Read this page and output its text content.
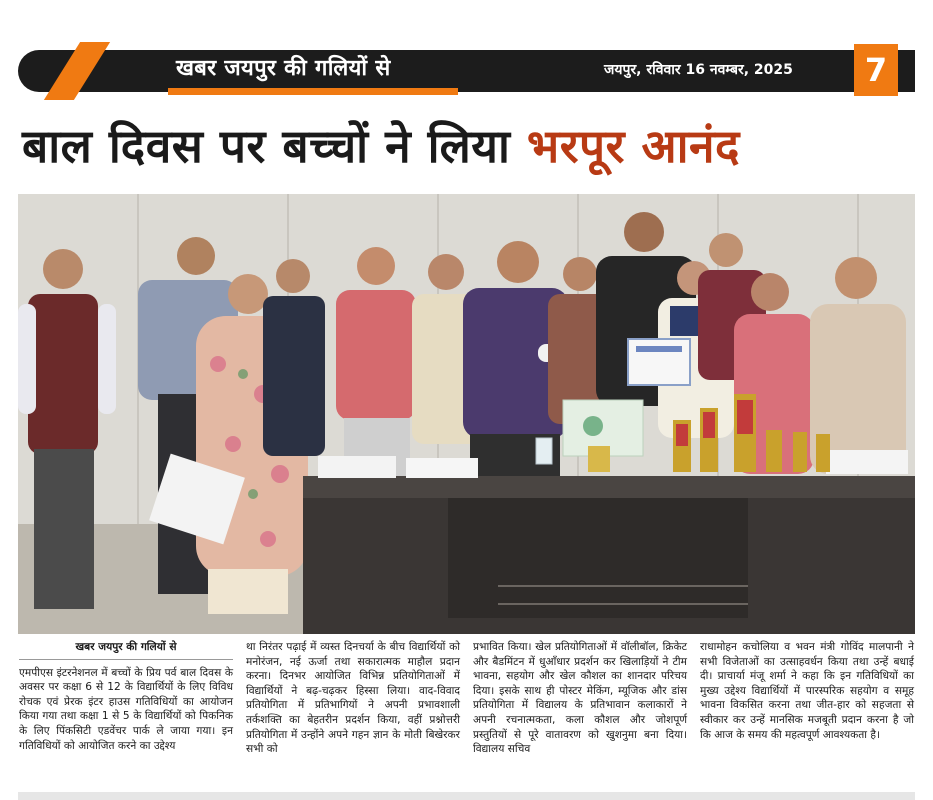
खबर जयपुर की गलियों से	जयपुर, रविवार 16 नवम्बर, 2025	7
बाल दिवस पर बच्चों ने लिया भरपूर आनंद
खबर जयपुर की गलियों से

एमपीएस इंटरनेशनल में बच्चों के प्रिय पर्व बाल दिवस के अवसर पर कक्षा 6 से 12 के विद्यार्थियों के लिए विविध रोचक एवं प्रेरक इंटर हाउस गतिविधियों का आयोजन किया गया तथा कक्षा 1 से 5 के विद्यार्थियों को पिकनिक के लिए पिंकसिटी एडवेंचर पार्क ले जाया गया। इन गतिविधियों को आयोजित करने का उद्देश्य

था निरंतर पढ़ाई में व्यस्त दिनचर्या के बीच विद्यार्थियों को मनोरंजन, नई ऊर्जा तथा सकारात्मक माहौल प्रदान करना। दिनभर आयोजित विभिन्न प्रतियोगिताओं में विद्यार्थियों ने बढ़-चढ़कर हिस्सा लिया। वाद-विवाद प्रतियोगिता में प्रतिभागियों ने अपनी प्रभावशाली तर्कशक्ति का बेहतरीन प्रदर्शन किया, वहीं प्रश्नोत्तरी प्रतियोगिता में उन्होंने अपने गहन ज्ञान के मोती बिखेरकर सभी को

प्रभावित किया। खेल प्रतियोगिताओं में वॉलीबॉल, क्रिकेट और बैडमिंटन में धुआँधार प्रदर्शन कर खिलाड़ियों ने टीम भावना, सहयोग और खेल कौशल का शानदार परिचय दिया। इसके साथ ही पोस्टर मेकिंग, म्यूजिक और डांस प्रतियोगिता में विद्यालय के प्रतिभावान कलाकारों ने अपनी रचनात्मकता, कला कौशल और जोशपूर्ण प्रस्तुतियों से पूरे वातावरण को खुशनुमा बना दिया। विद्यालय सचिव

राधामोहन कचोलिया व भवन मंत्री गोविंद मालपानी ने सभी विजेताओं का उत्साहवर्धन किया तथा उन्हें बधाई दी। प्राचार्या मंजू शर्मा ने कहा कि इन गतिविधियों का मुख्य उद्देश्य विद्यार्थियों में पारस्परिक सहयोग व समूह भावना विकसित करना तथा जीत-हार को सहजता से स्वीकार कर उन्हें मानसिक मजबूती प्रदान करना है जो कि आज के समय की महत्वपूर्ण आवश्यकता है।
